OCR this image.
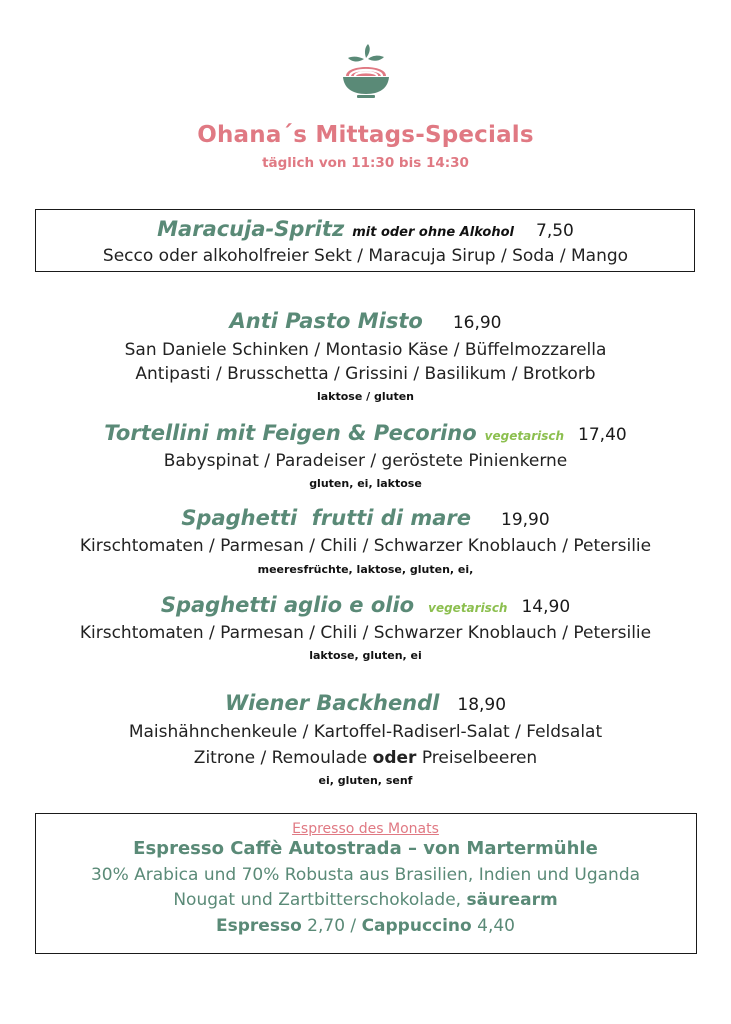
Ohana´s Mittags-Specials
täglich von 11:30 bis 14:30
Maracuja-Spritz mit oder ohne Alkohol 7,50
Secco oder alkoholfreier Sekt / Maracuja Sirup / Soda / Mango
Anti Pasto Misto 16,90
San Daniele Schinken / Montasio Käse / Büffelmozzarella
Antipasti / Brusschetta / Grissini / Basilikum / Brotkorb
laktose / gluten
Tortellini mit Feigen & Pecorino vegetarisch 17,40
Babyspinat / Paradeiser / geröstete Pinienkerne
gluten, ei, laktose
Spaghetti  frutti di mare 19,90
Kirschtomaten / Parmesan / Chili / Schwarzer Knoblauch / Petersilie
meeresfrüchte, laktose, gluten, ei,
Spaghetti aglio e olio vegetarisch 14,90
Kirschtomaten / Parmesan / Chili / Schwarzer Knoblauch / Petersilie
laktose, gluten, ei
Wiener Backhendl 18,90
Maishähnchenkeule / Kartoffel-Radiserl-Salat / Feldsalat
Zitrone / Remoulade oder Preiselbeeren
ei, gluten, senf
Espresso des Monats
Espresso Caffè Autostrada – von Martermühle
30% Arabica und 70% Robusta aus Brasilien, Indien und Uganda
Nougat und Zartbitterschokolade, säurearm
Espresso 2,70 / Cappuccino 4,40
